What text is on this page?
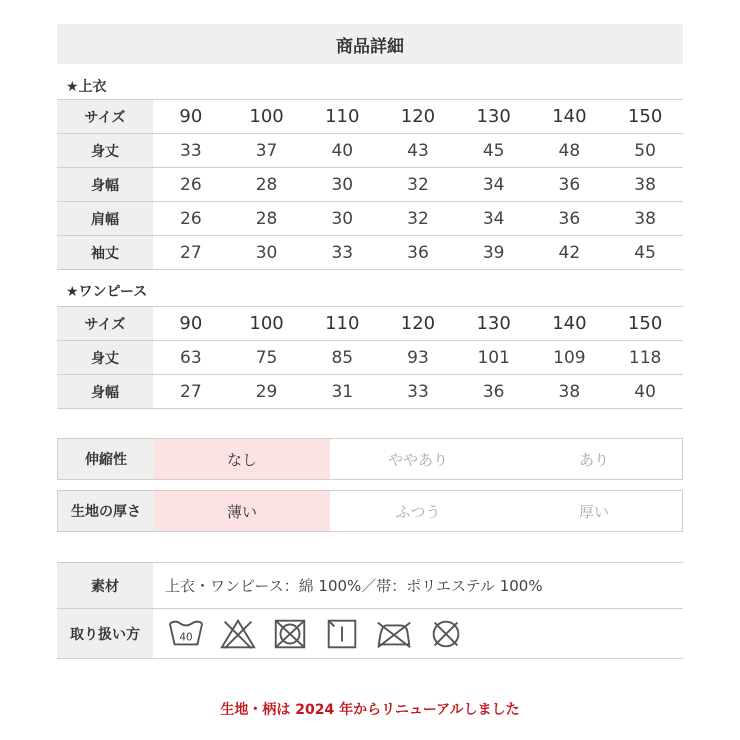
商品詳細
★上衣
サイズ	90	100	110	120	130	140	150
身丈	33	37	40	43	45	48	50
身幅	26	28	30	32	34	36	38
肩幅	26	28	30	32	34	36	38
袖丈	27	30	33	36	39	42	45
★ワンピース
サイズ	90	100	110	120	130	140	150
身丈	63	75	85	93	101	109	118
身幅	27	29	31	33	36	38	40
伸縮性	なし	ややあり	あり
生地の厚さ	薄い	ふつう	厚い
素材	上衣・ワンピース：綿 100%／帯：ポリエステル 100%
取り扱い方	40
生地・柄は 2024 年からリニューアルしました
